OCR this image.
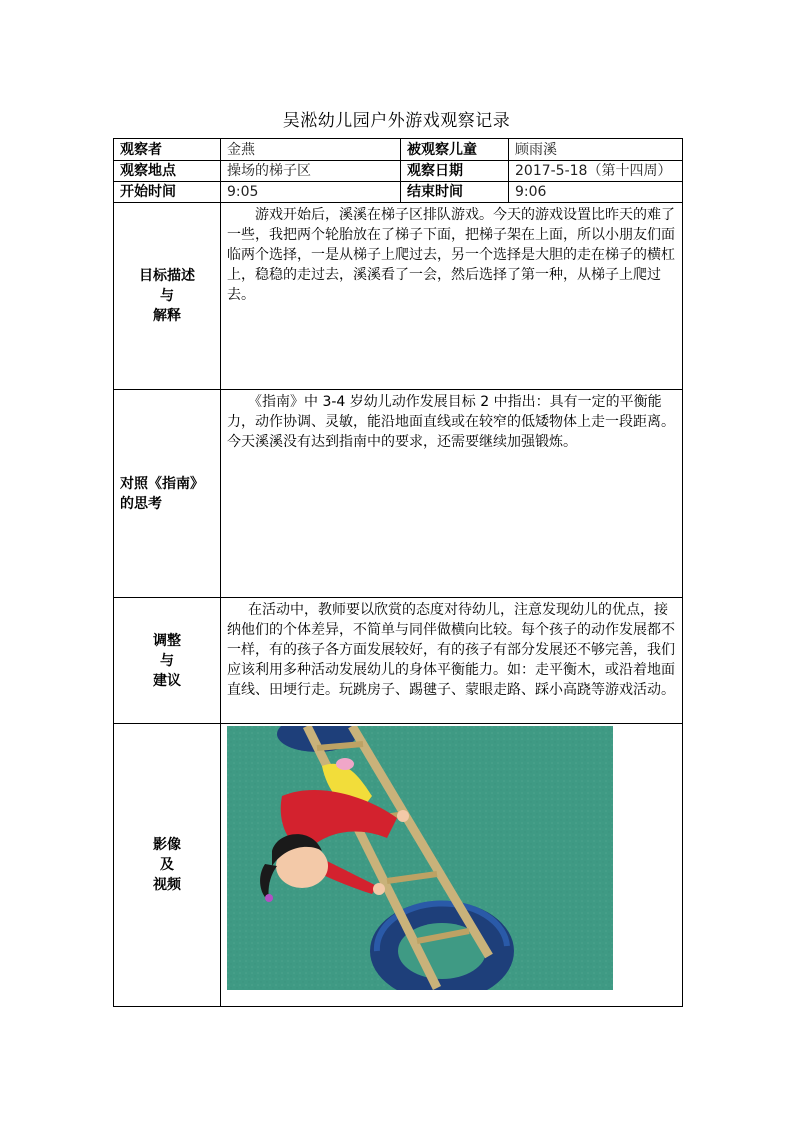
吴淞幼儿园户外游戏观察记录
观察者	金燕	被观察儿童	顾雨溪
观察地点	操场的梯子区	观察日期	2017-5-18（第十四周）
开始时间	9:05	结束时间	9:06

目标描述
与
解释	游戏开始后，溪溪在梯子区排队游戏。今天的游戏设置比昨天的难了一些，我把两个轮胎放在了梯子下面，把梯子架在上面，所以小朋友们面临两个选择，一是从梯子上爬过去，另一个选择是大胆的走在梯子的横杠上，稳稳的走过去，溪溪看了一会，然后选择了第一种，从梯子上爬过去。		

对照《指南》
的思考	《指南》中 3-4 岁幼儿动作发展目标 2 中指出：具有一定的平衡能力，动作协调、灵敏，能沿地面直线或在较窄的低矮物体上走一段距离。今天溪溪没有达到指南中的要求，还需要继续加强锻炼。		

调整
与
建议	在活动中，教师要以欣赏的态度对待幼儿，注意发现幼儿的优点，接纳他们的个体差异，不简单与同伴做横向比较。每个孩子的动作发展都不一样，有的孩子各方面发展较好，有的孩子有部分发展还不够完善，我们应该利用多种活动发展幼儿的身体平衡能力。如：走平衡木，或沿着地面直线、田埂行走。玩跳房子、踢毽子、蒙眼走路、踩小高跷等游戏活动。		

影像
及
视频
